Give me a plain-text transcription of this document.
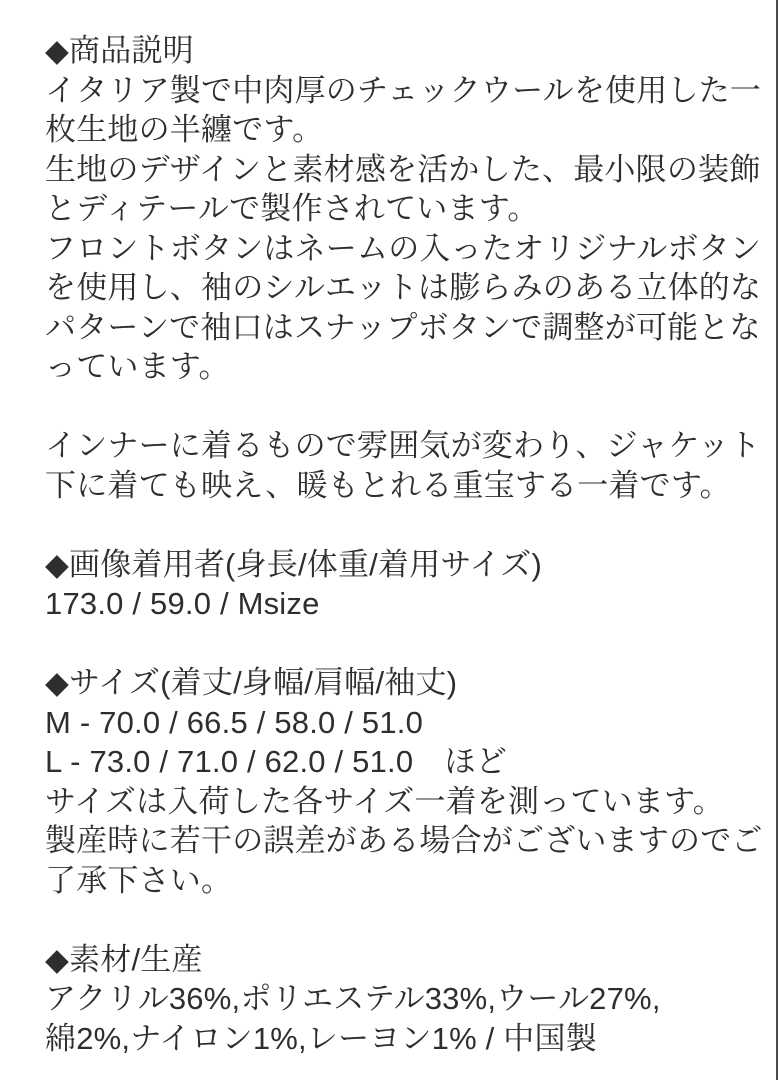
◆商品説明
イタリア製で中肉厚のチェックウールを使用した一
枚生地の半纏です。
生地のデザインと素材感を活かした、最小限の装飾
とディテールで製作されています。
フロントボタンはネームの入ったオリジナルボタン
を使用し、袖のシルエットは膨らみのある立体的な
パターンで袖口はスナップボタンで調整が可能とな
っています。
インナーに着るもので雰囲気が変わり、ジャケット
下に着ても映え、暖もとれる重宝する一着です。
◆画像着用者(身長/体重/着用サイズ)
173.0 / 59.0 / Msize
◆サイズ(着丈/身幅/肩幅/袖丈)
M - 70.0 / 66.5 / 58.0 / 51.0
L - 73.0 / 71.0 / 62.0 / 51.0　ほど
サイズは入荷した各サイズ一着を測っています。
製産時に若干の誤差がある場合がございますのでご
了承下さい。
◆素材/生産
アクリル36%,ポリエステル33%,ウール27%,
綿2%,ナイロン1%,レーヨン1% / 中国製
